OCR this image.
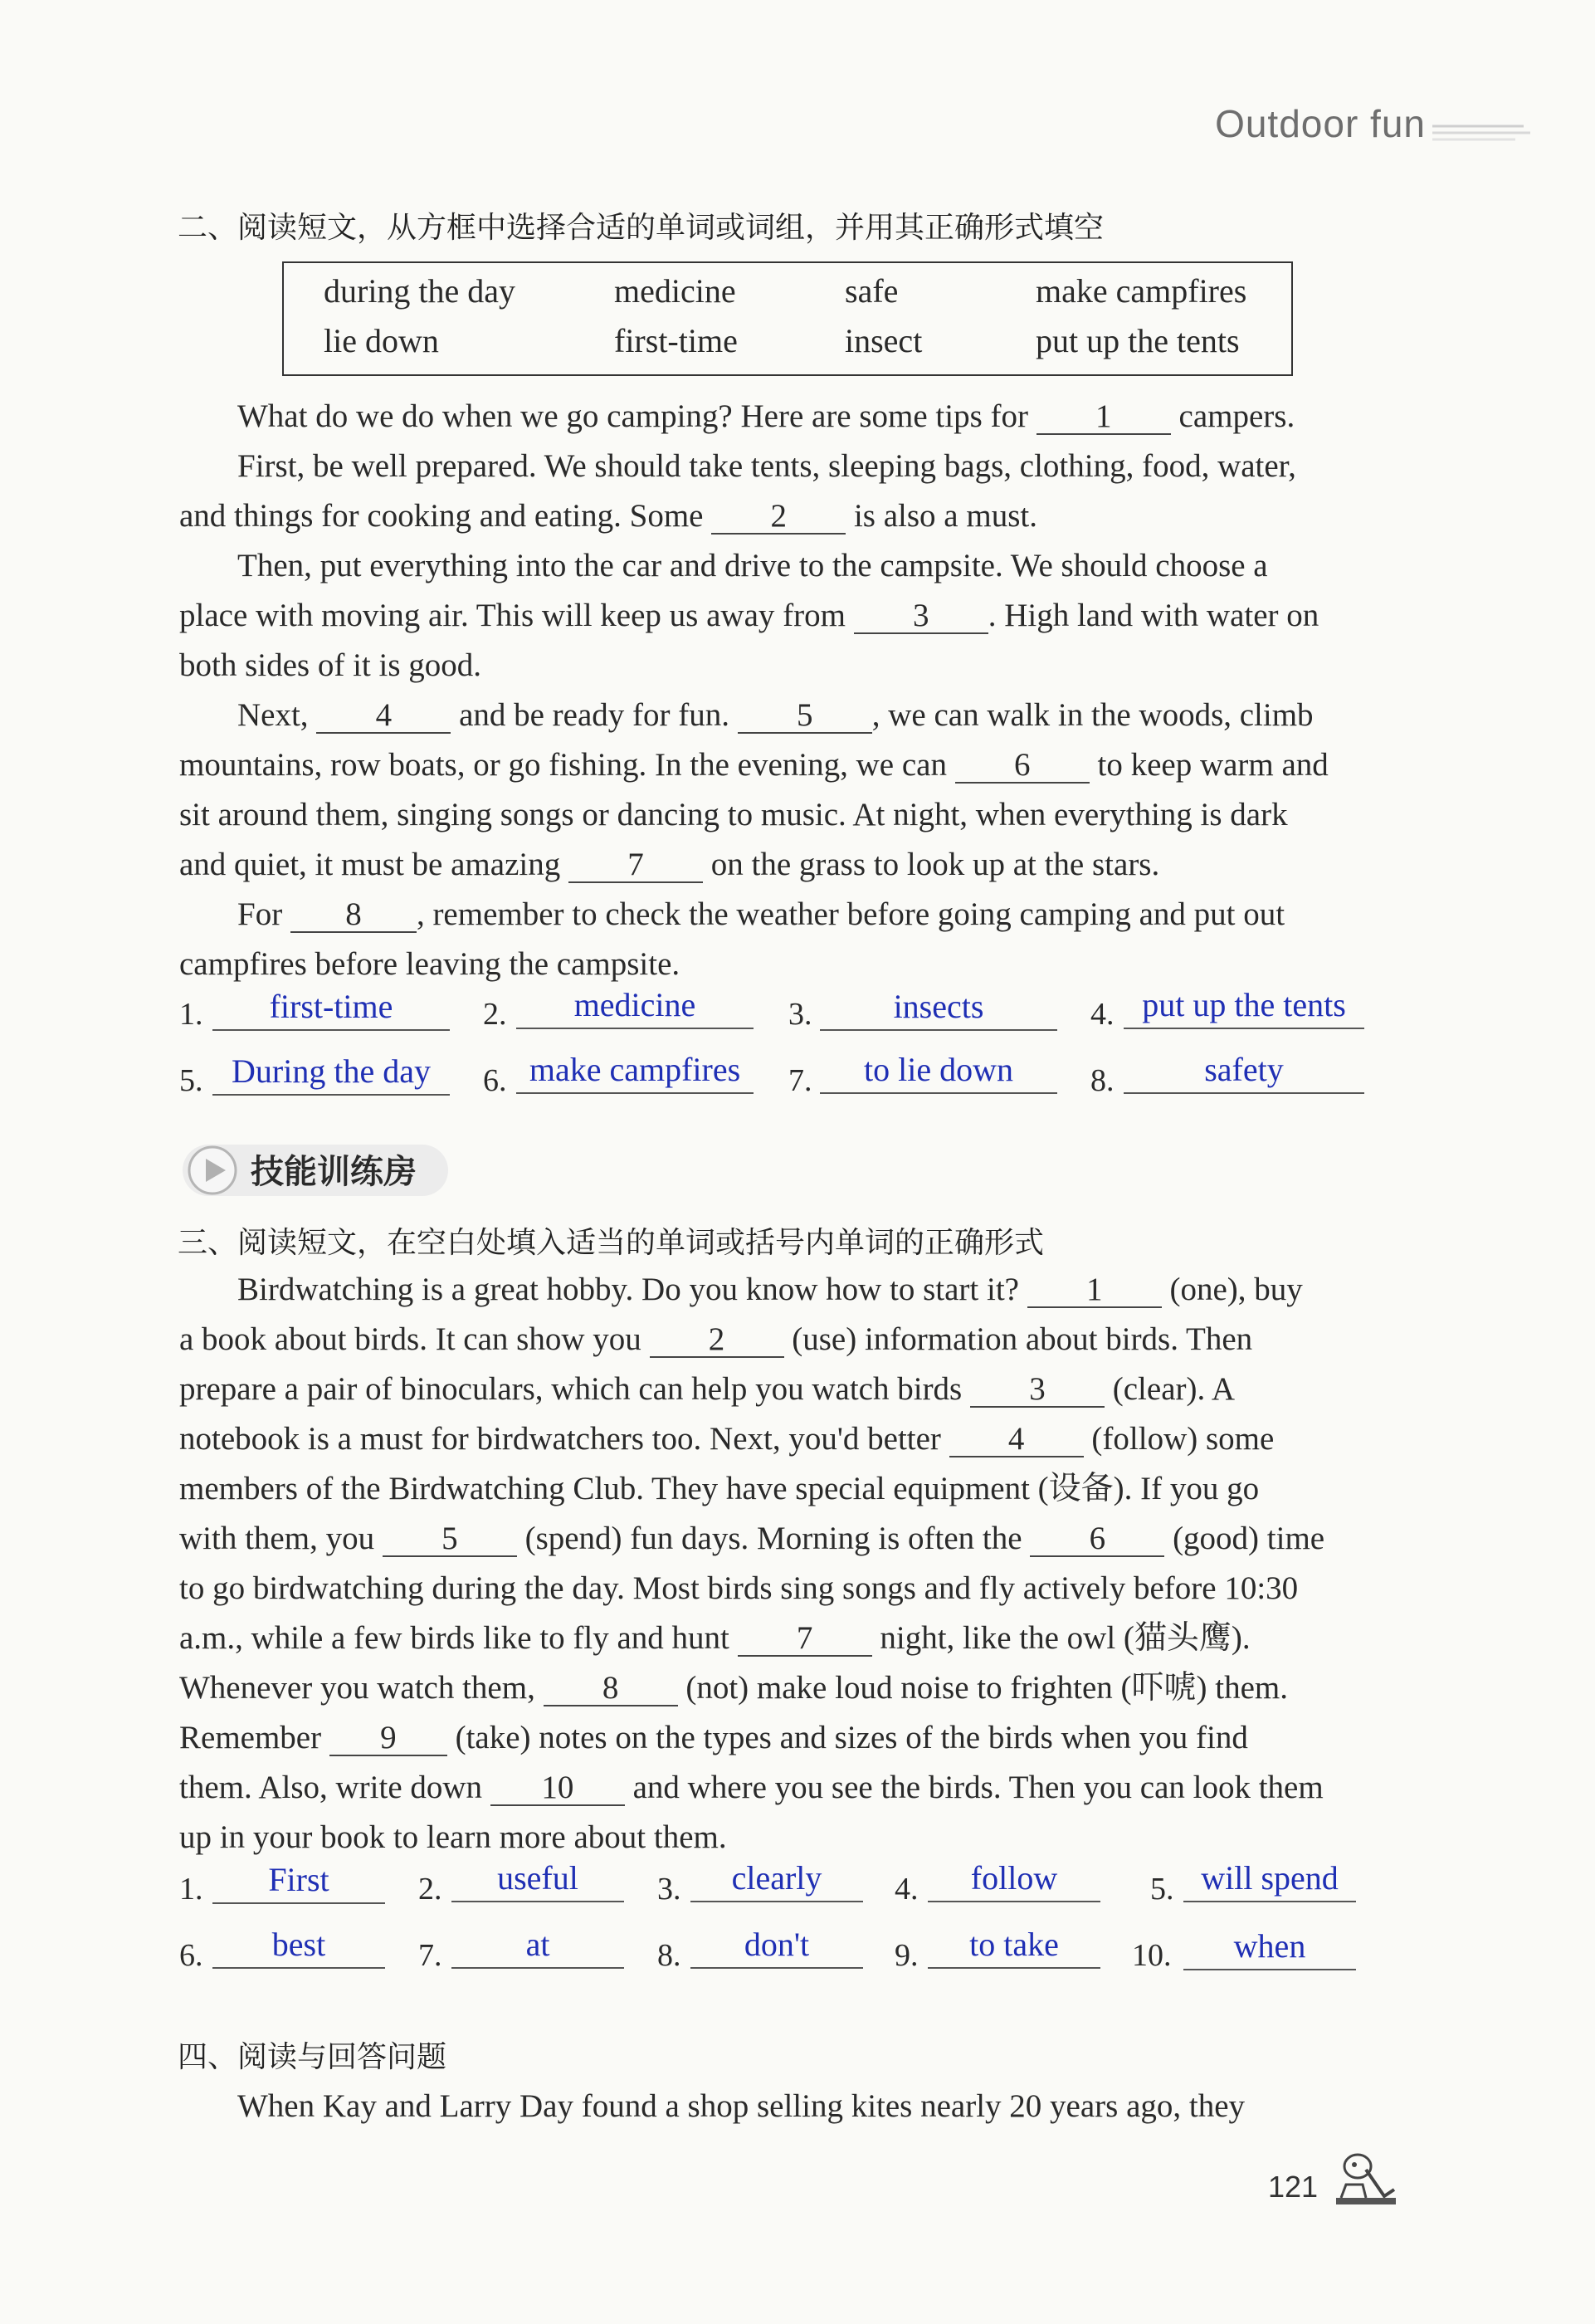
Outdoor fun
二、阅读短文，从方框中选择合适的单词或词组，并用其正确形式填空
during the day	medicine	safe	make campfires
lie down	first-time	insect	put up the tents

What do we do when we go camping? Here are some tips for 1 campers.

First, be well prepared. We should take tents, sleeping bags, clothing, food, water,

and things for cooking and eating. Some 2 is also a must.

Then, put everything into the car and drive to the campsite. We should choose a

place with moving air. This will keep us away from 3 . High land with water on

both sides of it is good.

Next, 4 and be ready for fun. 5 , we can walk in the woods, climb

mountains, row boats, or go fishing. In the evening, we can 6 to keep warm and

sit around them, singing songs or dancing to music. At night, when everything is dark

and quiet, it must be amazing 7 on the grass to look up at the stars.

For 8 , remember to check the weather before going camping and put out

campfires before leaving the campsite.

1.	first-time	2.	medicine	3.	insects	4. put up the tents
5. During the day	6. make campfires	7.	to lie down	8.	safety
技能训练房
三、阅读短文，在空白处填入适当的单词或括号内单词的正确形式

Birdwatching is a great hobby. Do you know how to start it? 1 (one), buy

a book about birds. It can show you 2 (use) information about birds. Then

prepare a pair of binoculars, which can help you watch birds 3 (clear). A

notebook is a must for birdwatchers too. Next, you'd better 4 (follow) some

members of the Birdwatching Club. They have special equipment (设备). If you go

with them, you 5 (spend) fun days. Morning is often the 6 (good) time

to go birdwatching during the day. Most birds sing songs and fly actively before 10:30

a.m., while a few birds like to fly and hunt 7 night, like the owl (猫头鹰).

Whenever you watch them, 8 (not) make loud noise to frighten (吓唬) them.

Remember 9 (take) notes on the types and sizes of the birds when you find

them. Also, write down 10 and where you see the birds. Then you can look them

up in your book to learn more about them.

1.	First	2.	useful	3.	clearly	4.	follow	5. will spend
6.	best	7.	at	8.	don't	9.	to take	10.	when
四、阅读与回答问题

When Kay and Larry Day found a shop selling kites nearly 20 years ago, they

121
